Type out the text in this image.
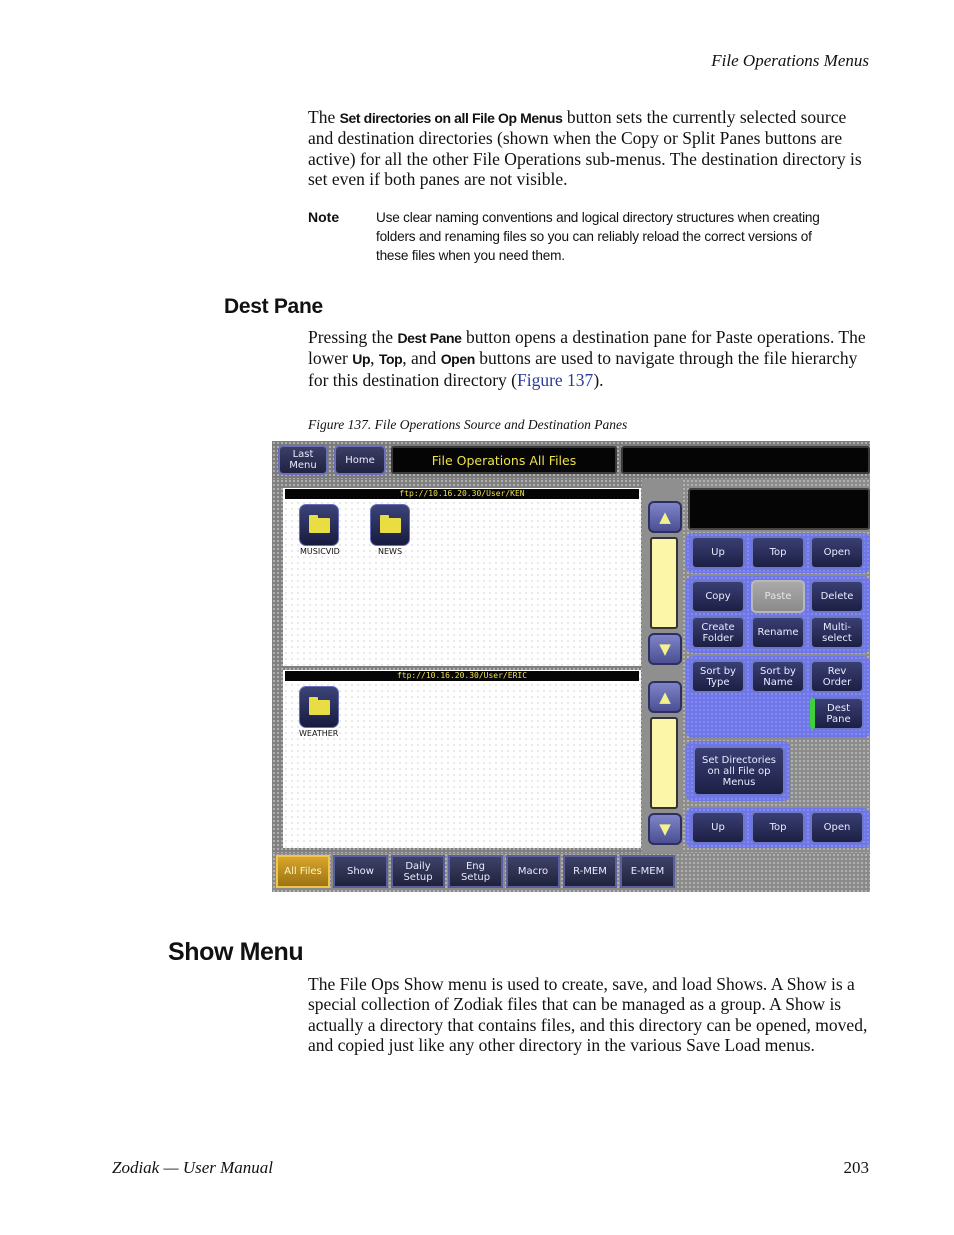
File Operations Menus
The Set directories on all File Op Menus button sets the currently selected source and destination directories (shown when the Copy or Split Panes buttons are active) for all the other File Operations sub-menus. The destination directory is set even if both panes are not visible.
Note	Use clear naming conventions and logical directory structures when creating folders and renaming files so you can reliably reload the correct versions of these files when you need them.
Dest Pane
Pressing the Dest Pane button opens a destination pane for Paste operations. The lower Up, Top, and Open buttons are used to navigate through the file hierarchy for this destination directory (Figure 137).
Figure 137. File Operations Source and Destination Panes
Last
Menu	Home	File Operations All Files
ftp://10.16.20.30/User/KEN
MUSICVID	NEWS
ftp://10.16.20.30/User/ERIC
WEATHER
▲
▼
▲
▼
Up	Top	Open
Copy	Paste	Delete
Create
Folder	Rename	Multi-
select
Sort by
Type
Sort by
Name
Rev
Order
Dest
Pane
Set Directories
on all File op
Menus
Up	Top	Open
All Files	Show	Daily
Setup
Eng
Setup	Macro	R-MEM	E-MEM
Show Menu
The File Ops Show menu is used to create, save, and load Shows. A Show is a special collection of Zodiak files that can be managed as a group. A Show is actually a directory that contains files, and this directory can be opened, moved, and copied just like any other directory in the various Save Load menus.
Zodiak — User Manual	203
